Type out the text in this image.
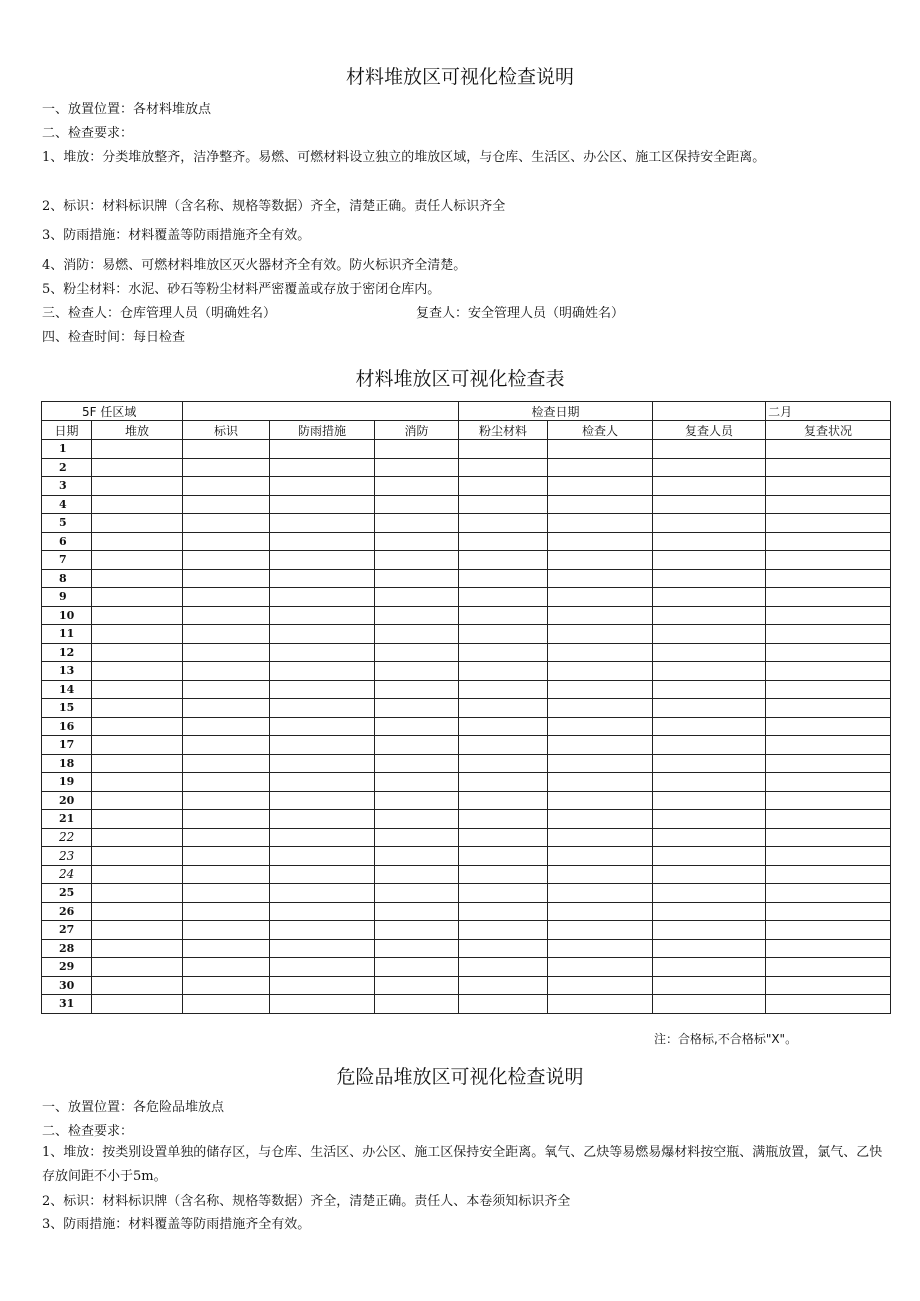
材料堆放区可视化检查说明
一、放置位置：各材料堆放点
二、检查要求：
1、堆放：分类堆放整齐，洁净整齐。易燃、可燃材料设立独立的堆放区域，与仓库、生活区、办公区、施工区保持安全距离。
2、标识：材料标识牌（含名称、规格等数据）齐全，清楚正确。责任人标识齐全
3、防雨措施：材料覆盖等防雨措施齐全有效。
4、消防：易燃、可燃材料堆放区灭火器材齐全有效。防火标识齐全清楚。
5、粉尘材料：水泥、砂石等粉尘材料严密覆盖或存放于密闭仓库内。
三、检查人：仓库管理人员（明确姓名）	复查人：安全管理人员（明确姓名）
四、检查时间：每日检查
材料堆放区可视化检查表
5F 任区域					检查日期			二月
日期	堆放	标识	防雨措施	消防	粉尘材料	检查人	复查人员	复查状况
1								
2								
3								
4								
5								
6								
7								
8								
9								
10								
11								
12								
13								
14								
15								
16								
17								
18								
19								
20								
21								
22								
23								
24								
25								
26								
27								
28								
29								
30								
31								
注：合格标,不合格标"X"。
危险品堆放区可视化检查说明
一、放置位置：各危险品堆放点
二、检查要求：
1、堆放：按类别设置单独的储存区，与仓库、生活区、办公区、施工区保持安全距离。氧气、乙炔等易燃易爆材料按空瓶、满瓶放置，氯气、乙快存放间距不小于5m。
2、标识：材料标识牌（含名称、规格等数据）齐全，清楚正确。责任人、本卷须知标识齐全
3、防雨措施：材料覆盖等防雨措施齐全有效。
